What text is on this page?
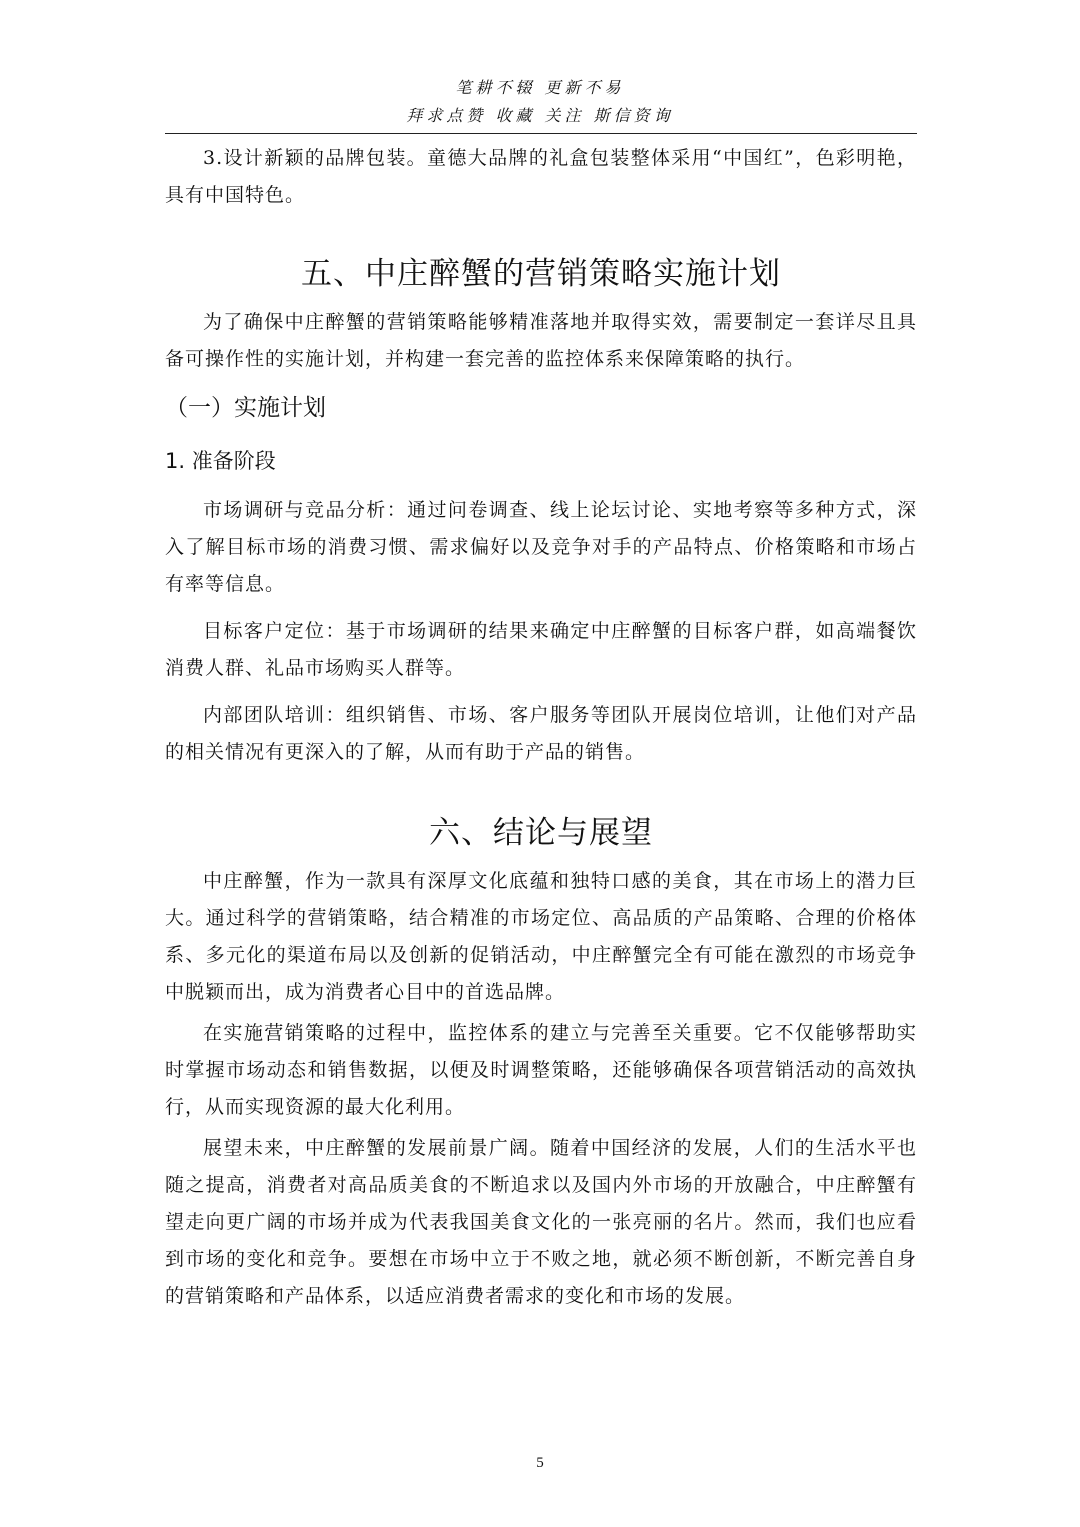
笔耕不辍 更新不易
拜求点赞 收藏 关注 斯信资询

3.设计新颖的品牌包装。童德大品牌的礼盒包装整体采用“中国红”，色彩明艳，具有中国特色。

五、中庄醉蟹的营销策略实施计划

为了确保中庄醉蟹的营销策略能够精准落地并取得实效，需要制定一套详尽且具备可操作性的实施计划，并构建一套完善的监控体系来保障策略的执行。

（一）实施计划
1. 准备阶段

市场调研与竞品分析：通过问卷调查、线上论坛讨论、实地考察等多种方式，深入了解目标市场的消费习惯、需求偏好以及竞争对手的产品特点、价格策略和市场占有率等信息。

目标客户定位：基于市场调研的结果来确定中庄醉蟹的目标客户群，如高端餐饮消费人群、礼品市场购买人群等。

内部团队培训：组织销售、市场、客户服务等团队开展岗位培训，让他们对产品的相关情况有更深入的了解，从而有助于产品的销售。

六、结论与展望

中庄醉蟹，作为一款具有深厚文化底蕴和独特口感的美食，其在市场上的潜力巨大。通过科学的营销策略，结合精准的市场定位、高品质的产品策略、合理的价格体系、多元化的渠道布局以及创新的促销活动，中庄醉蟹完全有可能在激烈的市场竞争中脱颖而出，成为消费者心目中的首选品牌。

在实施营销策略的过程中，监控体系的建立与完善至关重要。它不仅能够帮助实时掌握市场动态和销售数据，以便及时调整策略，还能够确保各项营销活动的高效执行，从而实现资源的最大化利用。

展望未来，中庄醉蟹的发展前景广阔。随着中国经济的发展，人们的生活水平也随之提高，消费者对高品质美食的不断追求以及国内外市场的开放融合，中庄醉蟹有望走向更广阔的市场并成为代表我国美食文化的一张亮丽的名片。然而，我们也应看到市场的变化和竞争。要想在市场中立于不败之地，就必须不断创新，不断完善自身的营销策略和产品体系，以适应消费者需求的变化和市场的发展。

5
